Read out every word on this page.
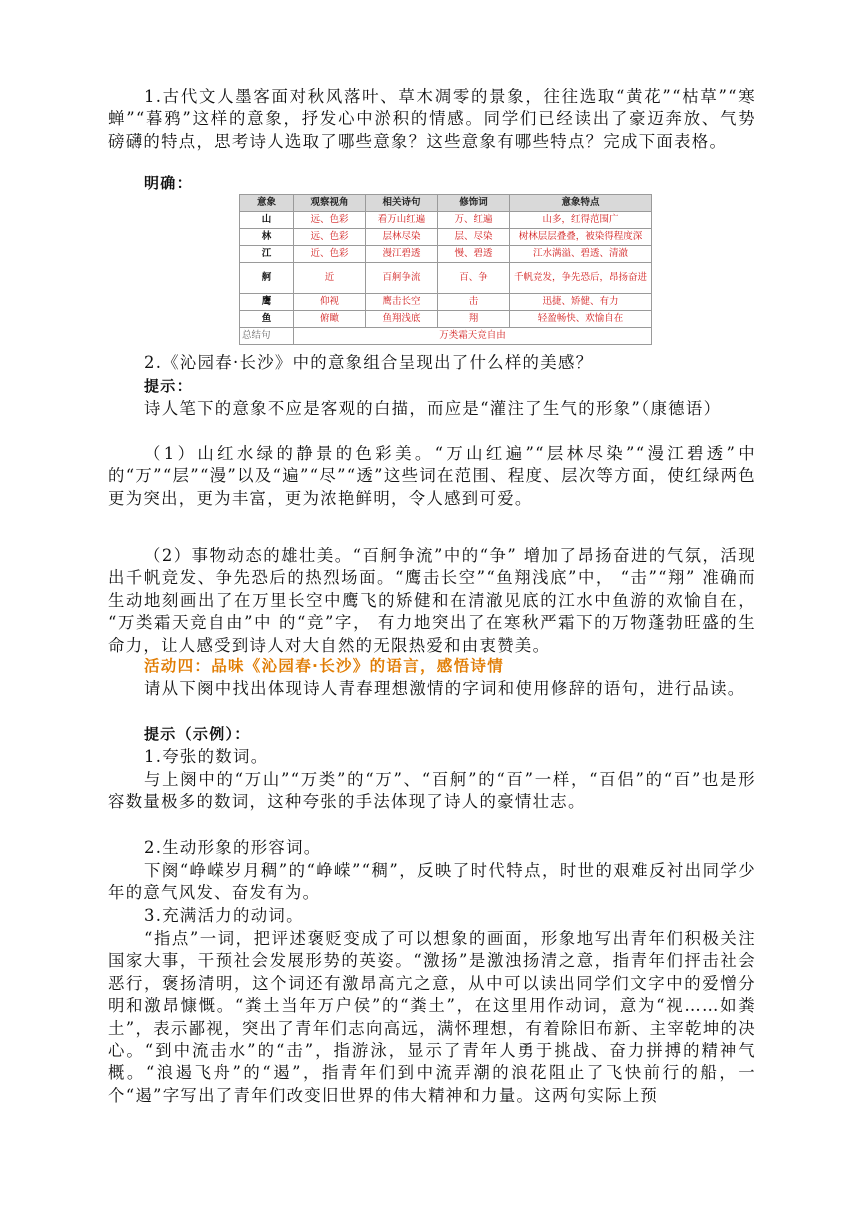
1.古代文人墨客面对秋风落叶、草木凋零的景象，往往选取“黄花”“枯草”“寒蝉”“暮鸦”这样的意象，抒发心中淤积的情感。同学们已经读出了豪迈奔放、气势磅礴的特点，思考诗人选取了哪些意象？这些意象有哪些特点？完成下面表格。

明确：

意象	观察视角	相关诗句	修饰词	意象特点
山	远、色彩	看万山红遍	万、红遍	山多，红得范围广
林	远、色彩	层林尽染	层、尽染	树林层层叠叠，被染得程度深
江	近、色彩	漫江碧透	慢、碧透	江水满溢、碧透、清澈
舸	近	百舸争流	百、争	千帆竞发，争先恐后，昂扬奋进
鹰	仰视	鹰击长空	击	迅捷、矫健、有力
鱼	俯瞰	鱼翔浅底	翔	轻盈畅快、欢愉自在
总结句	万类霜天竞自由			

2.《沁园春·长沙》中的意象组合呈现出了什么样的美感？

提示：

诗人笔下的意象不应是客观的白描，而应是“灌注了生气的形象”（康德语）

（1）山红水绿的静景的色彩美。“万山红遍”“层林尽染”“漫江碧透”中的“万”“层”“漫”以及“遍”“尽”“透”这些词在范围、程度、层次等方面，使红绿两色更为突出，更为丰富，更为浓艳鲜明，令人感到可爱。

（2）事物动态的雄壮美。“百舸争流”中的“争” 增加了昂扬奋进的气氛，活现出千帆竞发、争先恐后的热烈场面。“鹰击长空”“鱼翔浅底”中， “击”“翔” 准确而生动地刻画出了在万里长空中鹰飞的矫健和在清澈见底的江水中鱼游的欢愉自在， “万类霜天竞自由”中 的“竞”字， 有力地突出了在寒秋严霜下的万物蓬勃旺盛的生命力，让人感受到诗人对大自然的无限热爱和由衷赞美。

活动四：品味《沁园春·长沙》的语言，感悟诗情

请从下阕中找出体现诗人青春理想激情的字词和使用修辞的语句，进行品读。

提示（示例）：

1.夸张的数词。

与上阕中的“万山”“万类”的“万”、“百舸”的“百”一样，“百侣”的“百”也是形容数量极多的数词，这种夸张的手法体现了诗人的豪情壮志。

2.生动形象的形容词。

下阕“峥嵘岁月稠”的“峥嵘”“稠”，反映了时代特点，时世的艰难反衬出同学少年的意气风发、奋发有为。

3.充满活力的动词。

“指点”一词，把评述褒贬变成了可以想象的画面，形象地写出青年们积极关注国家大事，干预社会发展形势的英姿。“激扬”是激浊扬清之意，指青年们抨击社会恶行，褒扬清明，这个词还有激昂高亢之意，从中可以读出同学们文字中的爱憎分明和激昂慷慨。“粪土当年万户侯”的“粪土”，在这里用作动词，意为“视……如粪土”，表示鄙视，突出了青年们志向高远，满怀理想，有着除旧布新、主宰乾坤的决心。“到中流击水”的“击”，指游泳，显示了青年人勇于挑战、奋力拼搏的精神气概。“浪遏飞舟”的“遏”，指青年们到中流弄潮的浪花阻止了飞快前行的船，一个“遏”字写出了青年们改变旧世界的伟大精神和力量。这两句实际上预
